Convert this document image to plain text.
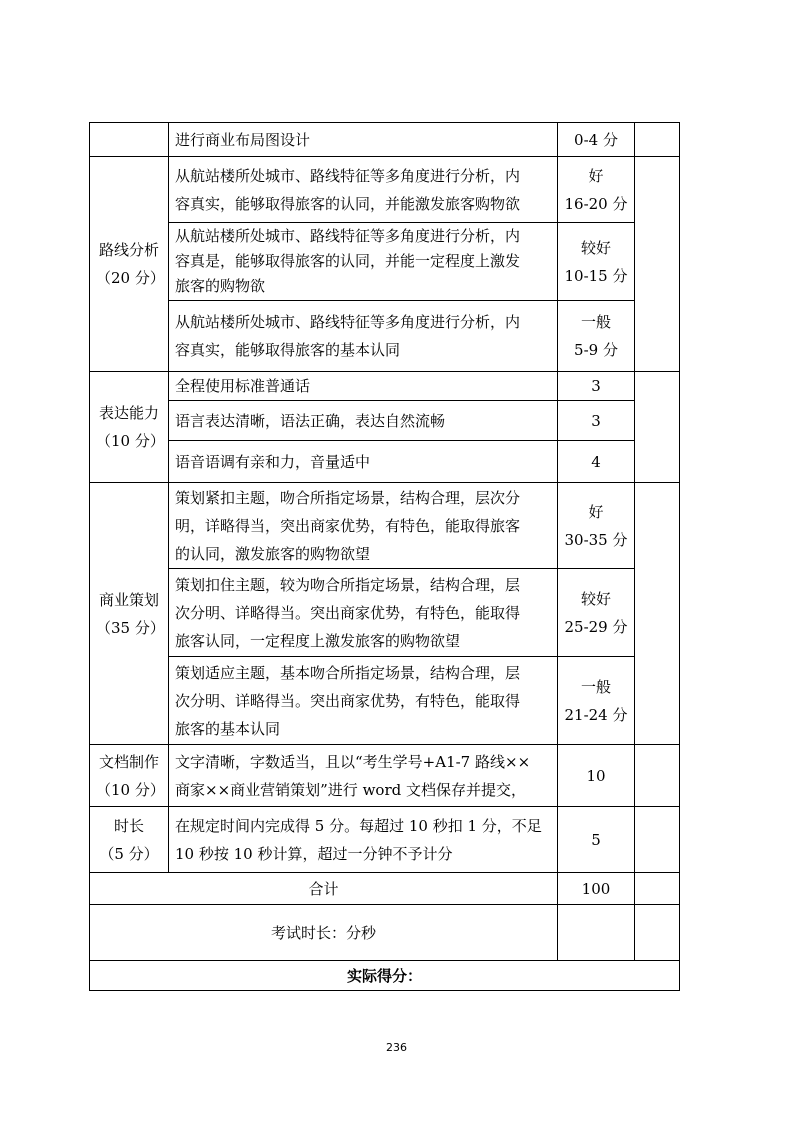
	进行商业布局图设计	0-4 分	

路线分析
（20 分）	从航站楼所处城市、路线特征等多角度进行分析，内
容真实，能够取得旅客的认同，并能激发旅客购物欲	好
16-20 分	

	从航站楼所处城市、路线特征等多角度进行分析，内
容真是，能够取得旅客的认同，并能一定程度上激发
旅客的购物欲	较好
10-15 分	

	从航站楼所处城市、路线特征等多角度进行分析，内
容真实，能够取得旅客的基本认同	一般
5-9 分	

表达能力
（10 分）	全程使用标准普通话	3	
	语言表达清晰，语法正确，表达自然流畅	3	
	语音语调有亲和力，音量适中	4	

商业策划
（35 分）	策划紧扣主题，吻合所指定场景，结构合理，层次分
明，详略得当，突出商家优势，有特色，能取得旅客
的认同，激发旅客的购物欲望	好
30-35 分	

	策划扣住主题，较为吻合所指定场景，结构合理，层
次分明、详略得当。突出商家优势，有特色，能取得
旅客认同，一定程度上激发旅客的购物欲望	较好
25-29 分	

	策划适应主题，基本吻合所指定场景，结构合理，层
次分明、详略得当。突出商家优势，有特色，能取得
旅客的基本认同	一般
21-24 分	

文档制作
（10 分）	文字清晰，字数适当，且以“考生学号+A1-7 路线××
商家××商业营销策划”进行 word 文档保存并提交，	10	

时长
（5 分）	在规定时间内完成得 5 分。每超过 10 秒扣 1 分，不足
10 秒按 10 秒计算，超过一分钟不予计分	5	
合计		100	
考试时长：分秒			
实际得分：			
236
